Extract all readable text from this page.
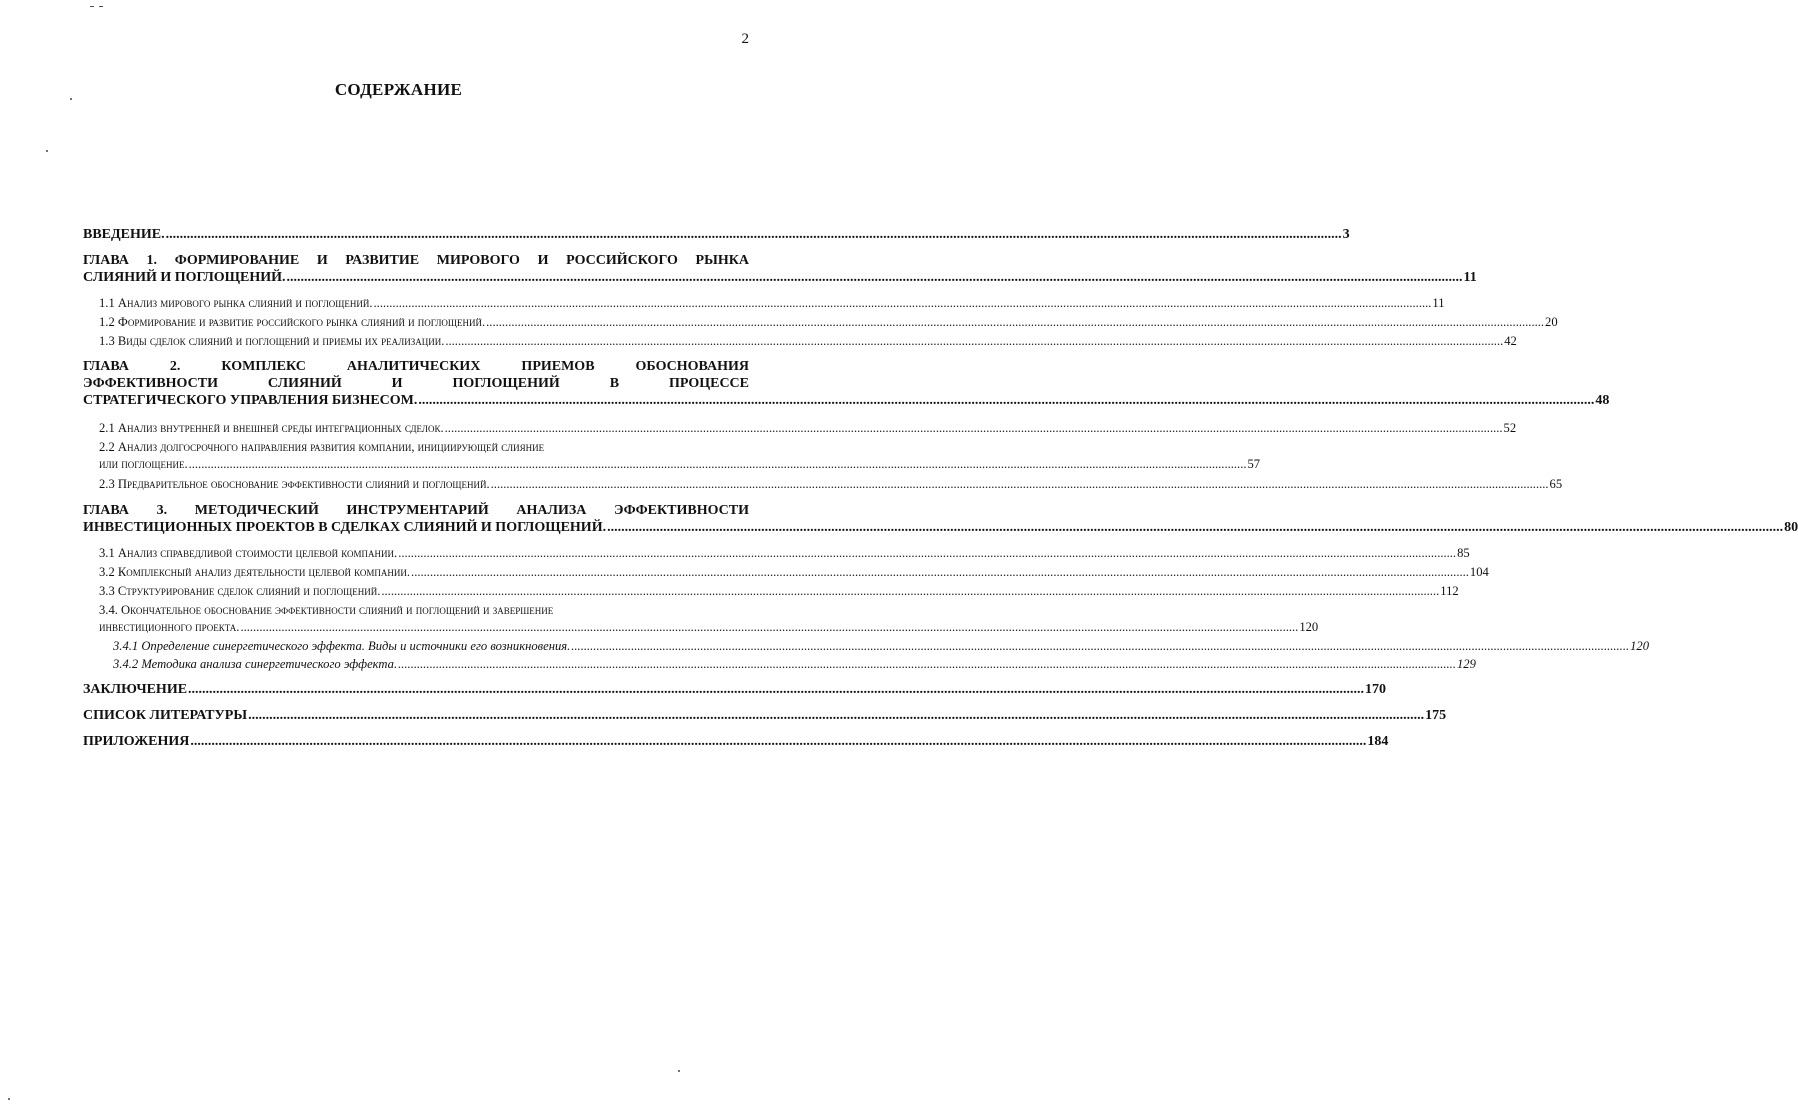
2
СОДЕРЖАНИЕ
ВВЕДЕНИЕ. .....	3
ГЛАВА 1. ФОРМИРОВАНИЕ И РАЗВИТИЕ МИРОВОГО И РОССИЙСКОГО РЫНКА
СЛИЯНИЙ И ПОГЛОЩЕНИЙ. .....	11
1.1 Анализ мирового рынка слияний и поглощений. .....	11
1.2 Формирование и развитие российского рынка слияний и поглощений. .....	20
1.3 Виды сделок слияний и поглощений и приемы их реализации. .....	42
ГЛАВА 2. КОМПЛЕКС АНАЛИТИЧЕСКИХ ПРИЕМОВ ОБОСНОВАНИЯ
ЭФФЕКТИВНОСТИ СЛИЯНИЙ И ПОГЛОЩЕНИЙ В ПРОЦЕССЕ
СТРАТЕГИЧЕСКОГО УПРАВЛЕНИЯ БИЗНЕСОМ. .....	48
2.1 Анализ внутренней и внешней среды интеграционных сделок. .....	52
2.2 Анализ долгосрочного направления развития компании, инициирующей слияние
или поглощение. .....	57
2.3 Предварительное обоснование эффективности слияний и поглощений. .....	65
ГЛАВА 3. МЕТОДИЧЕСКИЙ ИНСТРУМЕНТАРИЙ АНАЛИЗА ЭФФЕКТИВНОСТИ
ИНВЕСТИЦИОННЫХ ПРОЕКТОВ В СДЕЛКАХ СЛИЯНИЙ И ПОГЛОЩЕНИЙ. .....	80
3.1 Анализ справедливой стоимости целевой компании. .....	85
3.2 Комплексный анализ деятельности целевой компании. .....	104
3.3 Структурирование сделок слияний и поглощений. .....	112
3.4. Окончательное обоснование эффективности слияний и поглощений и завершение
инвестиционного проекта. .....	120
3.4.1 Определение синергетического эффекта. Виды и источники его возникновения. .....	120
3.4.2 Методика анализа синергетического эффекта. .....	129
ЗАКЛЮЧЕНИЕ .....	170
СПИСОК ЛИТЕРАТУРЫ .....	175
ПРИЛОЖЕНИЯ .....	184
